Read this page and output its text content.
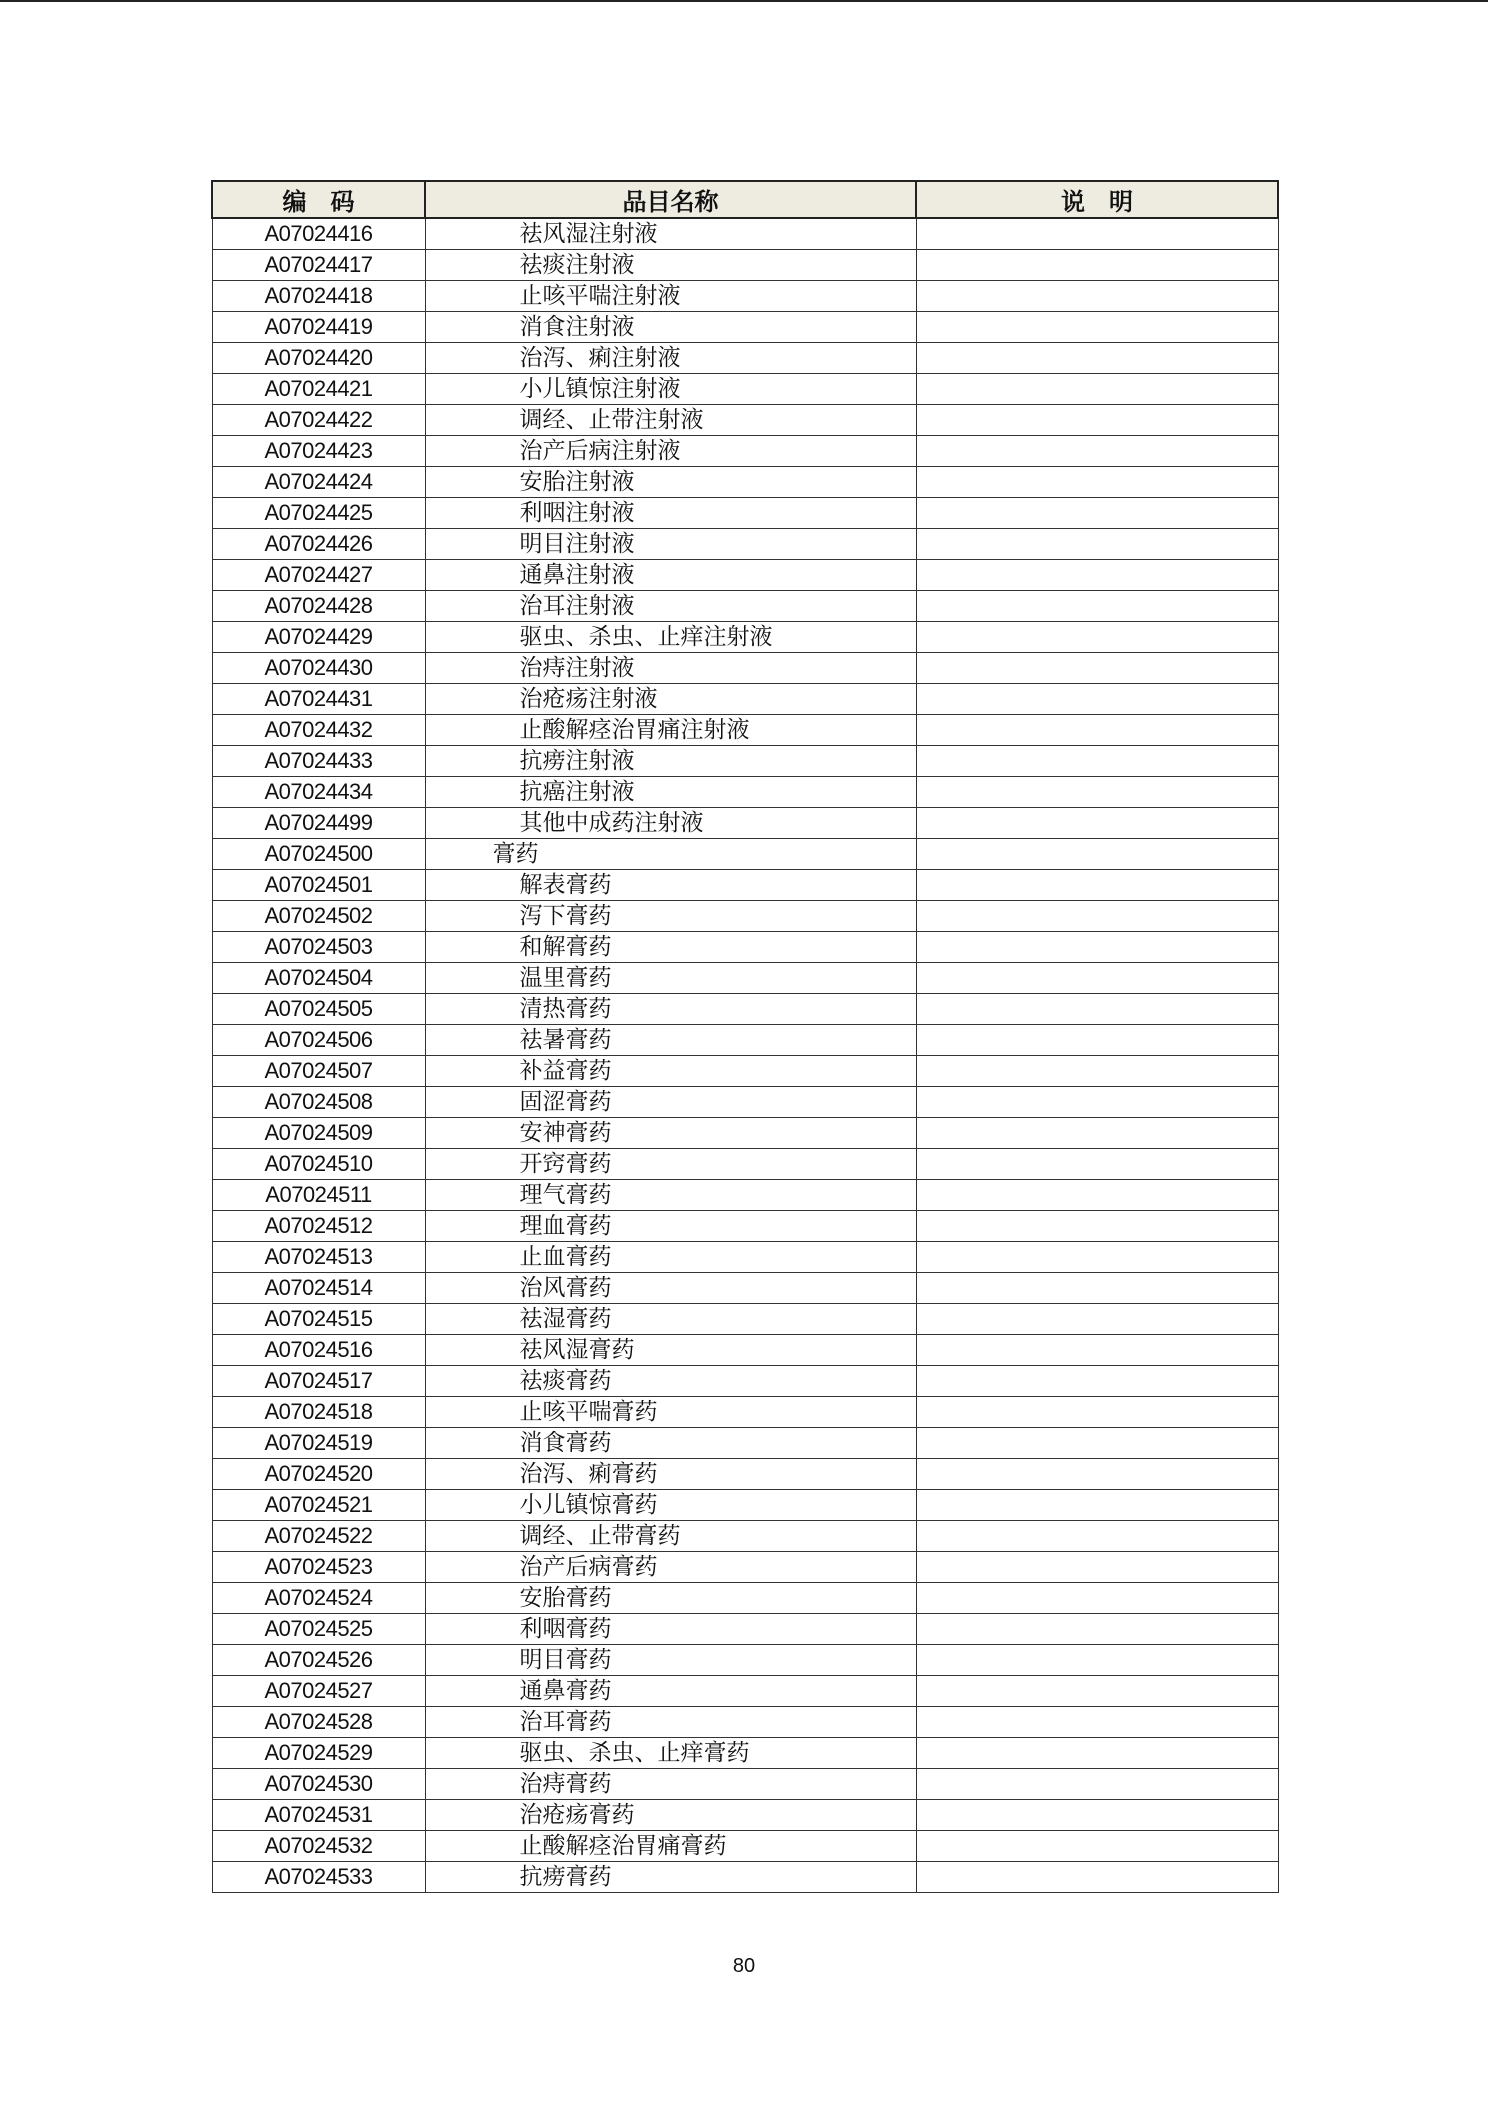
编　码	品目名称	说　明
A07024416	祛风湿注射液	
A07024417	祛痰注射液	
A07024418	止咳平喘注射液	
A07024419	消食注射液	
A07024420	治泻、痢注射液	
A07024421	小儿镇惊注射液	
A07024422	调经、止带注射液	
A07024423	治产后病注射液	
A07024424	安胎注射液	
A07024425	利咽注射液	
A07024426	明目注射液	
A07024427	通鼻注射液	
A07024428	治耳注射液	
A07024429	驱虫、杀虫、止痒注射液	
A07024430	治痔注射液	
A07024431	治疮疡注射液	
A07024432	止酸解痉治胃痛注射液	
A07024433	抗痨注射液	
A07024434	抗癌注射液	
A07024499	其他中成药注射液	
A07024500	膏药	
A07024501	解表膏药	
A07024502	泻下膏药	
A07024503	和解膏药	
A07024504	温里膏药	
A07024505	清热膏药	
A07024506	祛暑膏药	
A07024507	补益膏药	
A07024508	固涩膏药	
A07024509	安神膏药	
A07024510	开窍膏药	
A07024511	理气膏药	
A07024512	理血膏药	
A07024513	止血膏药	
A07024514	治风膏药	
A07024515	祛湿膏药	
A07024516	祛风湿膏药	
A07024517	祛痰膏药	
A07024518	止咳平喘膏药	
A07024519	消食膏药	
A07024520	治泻、痢膏药	
A07024521	小儿镇惊膏药	
A07024522	调经、止带膏药	
A07024523	治产后病膏药	
A07024524	安胎膏药	
A07024525	利咽膏药	
A07024526	明目膏药	
A07024527	通鼻膏药	
A07024528	治耳膏药	
A07024529	驱虫、杀虫、止痒膏药	
A07024530	治痔膏药	
A07024531	治疮疡膏药	
A07024532	止酸解痉治胃痛膏药	
A07024533	抗痨膏药	
80
